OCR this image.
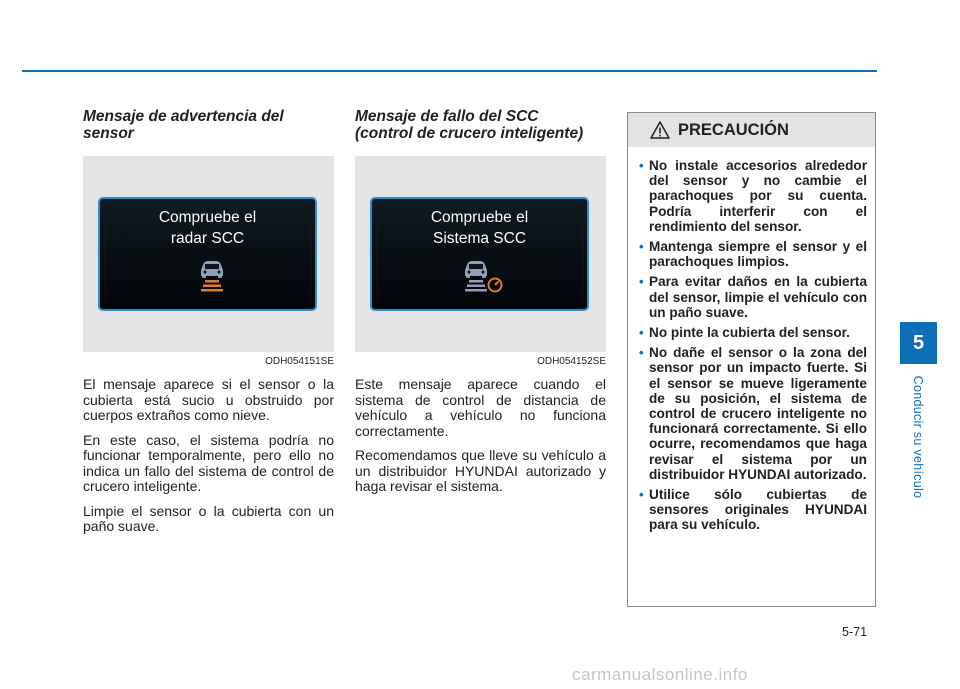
Mensaje de advertencia del sensor
Compruebe el
radar SCC
ODH054151SE

El mensaje aparece si el sensor o la cubierta está sucio u obstruido por cuerpos extraños como nieve.

En este caso, el sistema podría no funcionar temporalmente, pero ello no indica un fallo del sistema de control de crucero inteligente.

Limpie el sensor o la cubierta con un paño suave.

Mensaje de fallo del SCC
(control de crucero inteligente)
Compruebe el
Sistema SCC
ODH054152SE

Este mensaje aparece cuando el sistema de control de distancia de vehículo a vehículo no funciona correctamente.

Recomendamos que lleve su vehículo a un distribuidor HYUNDAI autorizado y haga revisar el sistema.

PRECAUCIÓN
• No instale accesorios alrededor del sensor y no cambie el parachoques por su cuenta. Podría interferir con el rendimiento del sensor.
• Mantenga siempre el sensor y el parachoques limpios.
• Para evitar daños en la cubierta del sensor, limpie el vehículo con un paño suave.
• No pinte la cubierta del sensor.
• No dañe el sensor o la zona del sensor por un impacto fuerte. Si el sensor se mueve ligeramente de su posición, el sistema de control de crucero inteligente no funcionará correctamente. Si ello ocurre, recomendamos que haga revisar el sistema por un distribuidor HYUNDAI autorizado.
• Utilice sólo cubiertas de sensores originales HYUNDAI para su vehículo.
5
Conducir su vehículo
5-71
carmanualsonline.info
